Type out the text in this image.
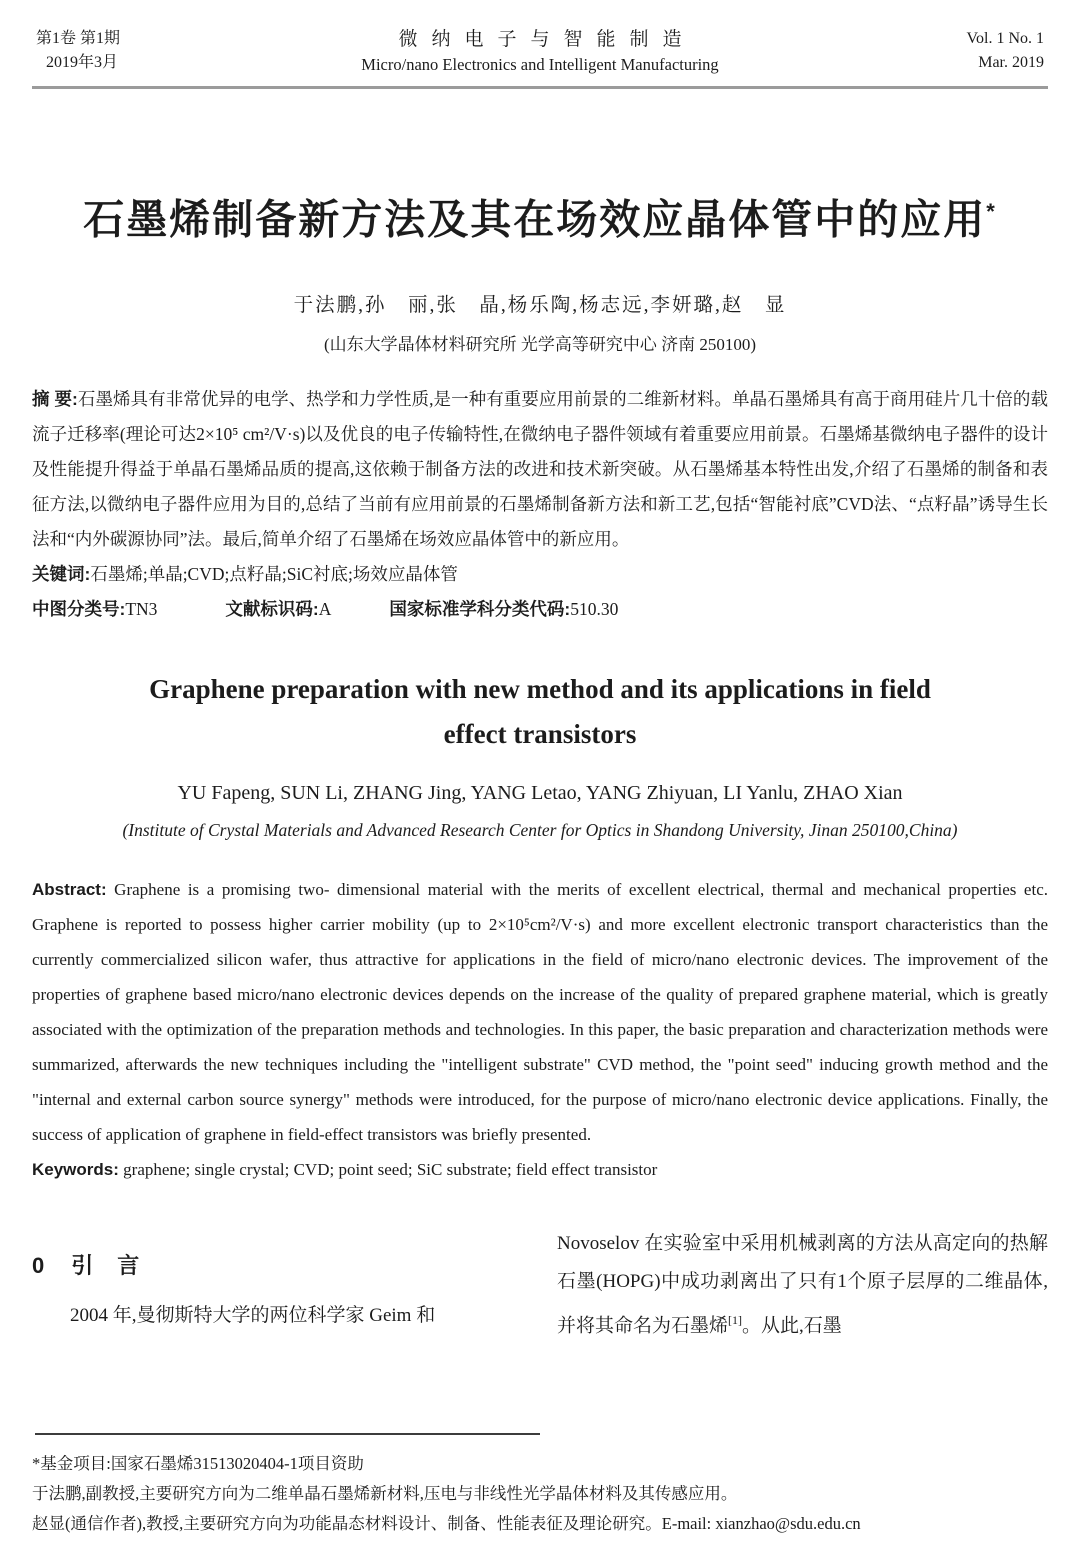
第1卷 第1期
2019年3月
微纳电子与智能制造
Micro/nano Electronics and Intelligent Manufacturing
Vol. 1 No. 1
Mar. 2019
石墨烯制备新方法及其在场效应晶体管中的应用*
于法鹏,孙　丽,张　晶,杨乐陶,杨志远,李妍璐,赵　显
(山东大学晶体材料研究所 光学高等研究中心 济南 250100)

摘 要:石墨烯具有非常优异的电学、热学和力学性质,是一种有重要应用前景的二维新材料。单晶石墨烯具有高于商用硅片几十倍的载流子迁移率(理论可达2×10⁵ cm²/V·s)以及优良的电子传输特性,在微纳电子器件领域有着重要应用前景。石墨烯基微纳电子器件的设计及性能提升得益于单晶石墨烯品质的提高,这依赖于制备方法的改进和技术新突破。从石墨烯基本特性出发,介绍了石墨烯的制备和表征方法,以微纳电子器件应用为目的,总结了当前有应用前景的石墨烯制备新方法和新工艺,包括“智能衬底”CVD法、“点籽晶”诱导生长法和“内外碳源协同”法。最后,简单介绍了石墨烯在场效应晶体管中的新应用。

关键词:石墨烯;单晶;CVD;点籽晶;SiC衬底;场效应晶体管

中图分类号:TN3	文献标识码:A	国家标准学科分类代码:510.30
Graphene preparation with new method and its applications in field effect transistors
YU Fapeng, SUN Li, ZHANG Jing, YANG Letao, YANG Zhiyuan, LI Yanlu, ZHAO Xian
(Institute of Crystal Materials and Advanced Research Center for Optics in Shandong University, Jinan 250100,China)

Abstract: Graphene is a promising two- dimensional material with the merits of excellent electrical, thermal and mechanical properties etc. Graphene is reported to possess higher carrier mobility (up to 2×10⁵cm²/V·s) and more excellent electronic transport characteristics than the currently commercialized silicon wafer, thus attractive for applications in the field of micro/nano electronic devices. The improvement of the properties of graphene based micro/nano electronic devices depends on the increase of the quality of prepared graphene material, which is greatly associated with the optimization of the preparation methods and technologies. In this paper, the basic preparation and characterization methods were summarized, afterwards the new techniques including the "intelligent substrate" CVD method, the "point seed" inducing growth method and the "internal and external carbon source synergy" methods were introduced, for the purpose of micro/nano electronic device applications. Finally, the success of application of graphene in field-effect transistors was briefly presented.

Keywords: graphene; single crystal; CVD; point seed; SiC substrate; field effect transistor

0 引　言

2004 年,曼彻斯特大学的两位科学家 Geim 和

Novoselov 在实验室中采用机械剥离的方法从高定向的热解石墨(HOPG)中成功剥离出了只有1个原子层厚的二维晶体,并将其命名为石墨烯[1]。从此,石墨

*基金项目:国家石墨烯31513020404-1项目资助

于法鹏,副教授,主要研究方向为二维单晶石墨烯新材料,压电与非线性光学晶体材料及其传感应用。

赵显(通信作者),教授,主要研究方向为功能晶态材料设计、制备、性能表征及理论研究。E-mail: xianzhao@sdu.edu.cn
